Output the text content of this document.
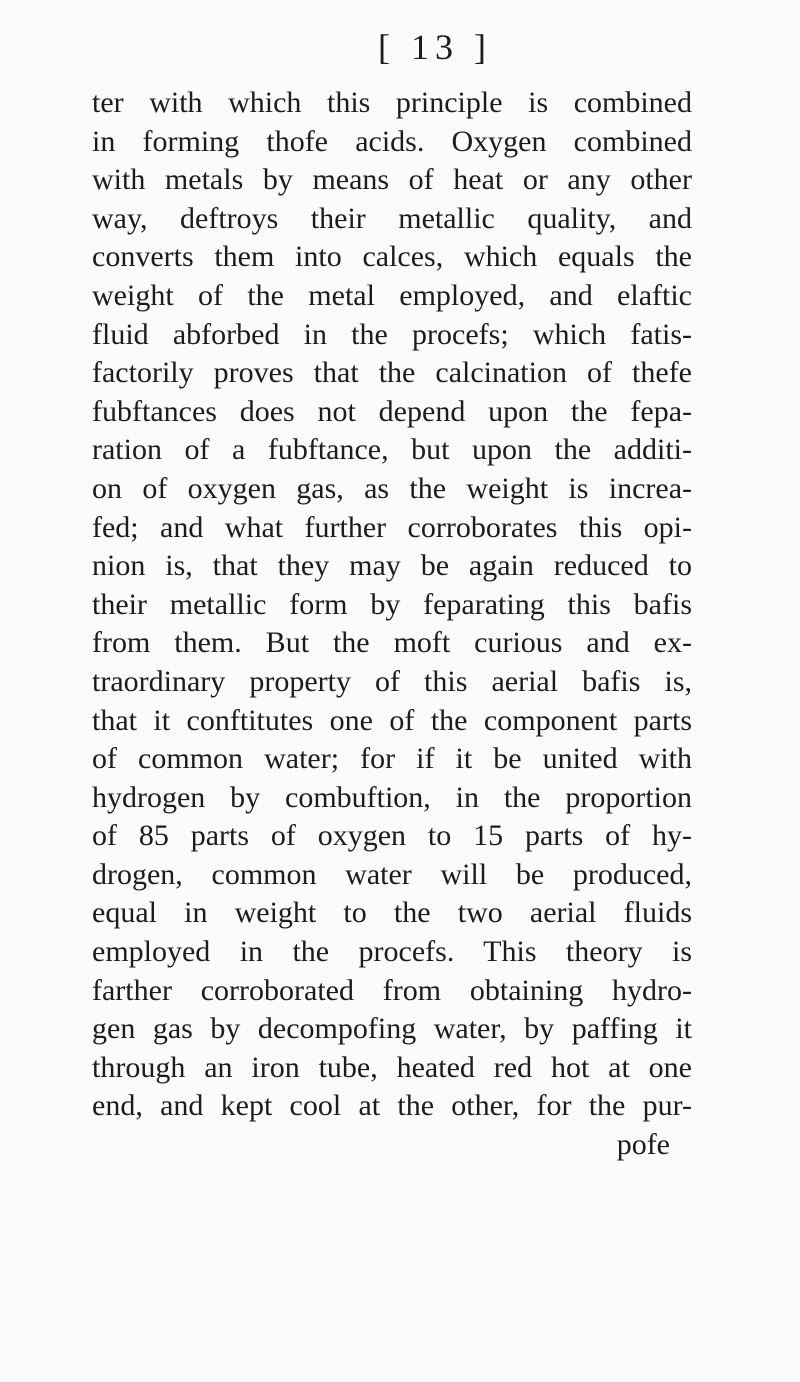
[ 13 ]
ter with which this principle is combined
in forming thofe acids. Oxygen combined
with metals by means of heat or any other
way, deftroys their metallic quality, and
converts them into calces, which equals the
weight of the metal employed, and elaftic
fluid abforbed in the procefs; which fatis-
factorily proves that the calcination of thefe
fubftances does not depend upon the fepa-
ration of a fubftance, but upon the additi-
on of oxygen gas, as the weight is increa-
fed; and what further corroborates this opi-
nion is, that they may be again reduced to
their metallic form by feparating this bafis
from them. But the moft curious and ex-
traordinary property of this aerial bafis is,
that it conftitutes one of the component parts
of common water; for if it be united with
hydrogen by combuftion, in the proportion
of 85 parts of oxygen to 15 parts of hy-
drogen, common water will be produced,
equal in weight to the two aerial fluids
employed in the procefs. This theory is
farther corroborated from obtaining hydro-
gen gas by decompofing water, by paffing it
through an iron tube, heated red hot at one
end, and kept cool at the other, for the pur-
pofe
